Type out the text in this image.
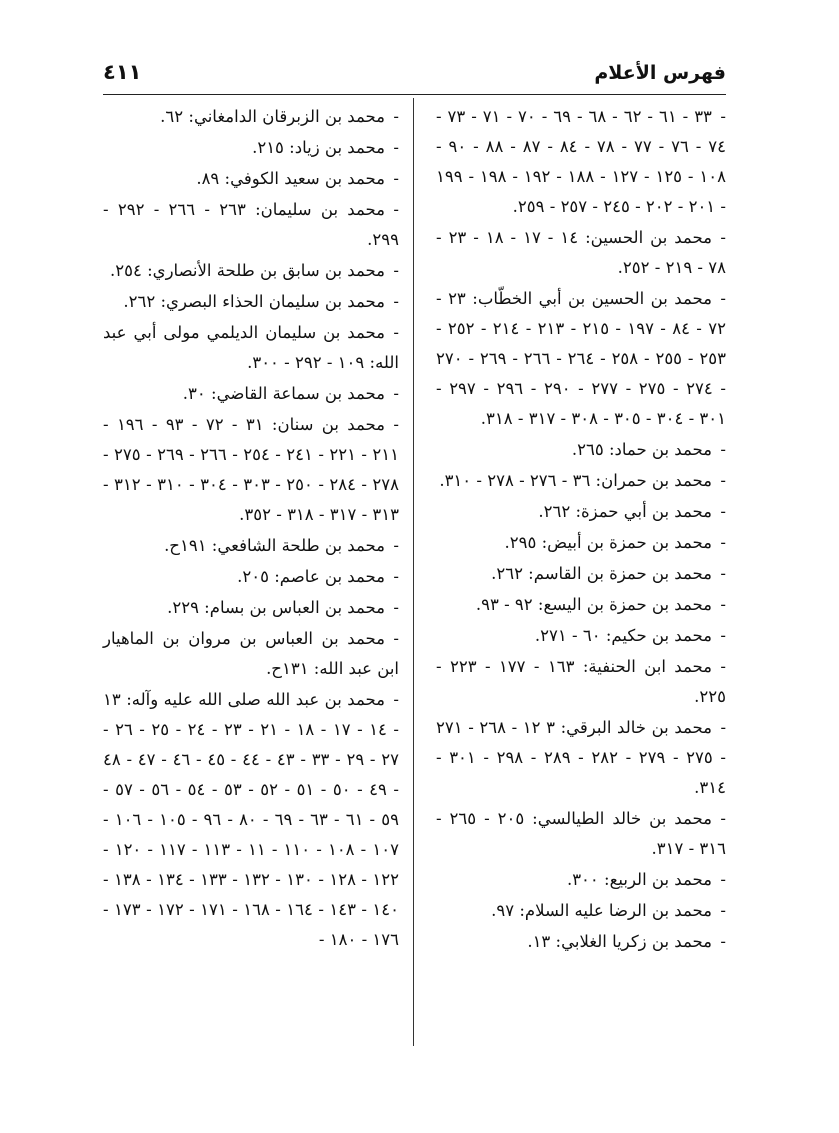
فهرس الأعلام
٤١١
-٣٣ - ٦١ - ٦٢ - ٦٨ - ٦٩ - ٧٠ - ٧١ - ٧٣ - ٧٤ - ٧٦ - ٧٧ - ٧٨ - ٨٤ - ٨٧ - ٨٨ - ٩٠ - ١٠٨ - ١٢٥ - ١٢٧ - ١٨٨ - ١٩٢ - ١٩٨ - ١٩٩ - ٢٠١ - ٢٠٢ - ٢٤٥ - ٢٥٧ - ٢٥٩.
-محمد بن الحسين: ١٤ - ١٧ - ١٨ - ٢٣ - ٧٨ - ٢١٩ - ٢٥٢.
-محمد بن الحسين بن أبي الخطّاب: ٢٣ - ٧٢ - ٨٤ - ١٩٧ - ٢١٥ - ٢١٣ - ٢١٤ - ٢٥٢ - ٢٥٣ - ٢٥٥ - ٢٥٨ - ٢٦٤ - ٢٦٦ - ٢٦٩ - ٢٧٠ - ٢٧٤ - ٢٧٥ - ٢٧٧ - ٢٩٠ - ٢٩٦ - ٢٩٧ - ٣٠١ - ٣٠٤ - ٣٠٥ - ٣٠٨ - ٣١٧ - ٣١٨.
-محمد بن حماد: ٢٦٥.
-محمد بن حمران: ٣٦ - ٢٧٦ - ٢٧٨ - ٣١٠.
-محمد بن أبي حمزة: ٢٦٢.
-محمد بن حمزة بن أبيض: ٢٩٥.
-محمد بن حمزة بن القاسم: ٢٦٢.
-محمد بن حمزة بن اليسع: ٩٢ - ٩٣.
-محمد بن حكيم: ٦٠ - ٢٧١.
-محمد ابن الحنفية: ١٦٣ - ١٧٧ - ٢٢٣ - ٢٢٥.
-محمد بن خالد البرقي: ٣ ١٢ - ٢٦٨ - ٢٧١ - ٢٧٥ - ٢٧٩ - ٢٨٢ - ٢٨٩ - ٢٩٨ - ٣٠١ - ٣١٤.
-محمد بن خالد الطيالسي: ٢٠٥ - ٢٦٥ - ٣١٦ - ٣١٧.
-محمد بن الربيع: ٣٠٠.
-محمد بن الرضا عليه السلام: ٩٧.
-محمد بن زكريا الغلابي: ١٣.
-محمد بن الزبرقان الدامغاني: ٦٢.
-محمد بن زياد: ٢١٥.
-محمد بن سعيد الكوفي: ٨٩.
-محمد بن سليمان: ٢٦٣ - ٢٦٦ - ٢٩٢ - ٢٩٩.
-محمد بن سابق بن طلحة الأنصاري: ٢٥٤.
-محمد بن سليمان الحذاء البصري: ٢٦٢.
-محمد بن سليمان الديلمي مولى أبي عبد الله: ١٠٩ - ٢٩٢ - ٣٠٠.
-محمد بن سماعة القاضي: ٣٠.
-محمد بن سنان: ٣١ - ٧٢ - ٩٣ - ١٩٦ - ٢١١ - ٢٢١ - ٢٤١ - ٢٥٤ - ٢٦٦ - ٢٦٩ - ٢٧٥ - ٢٧٨ - ٢٨٤ - ٢٥٠ - ٣٠٣ - ٣٠٤ - ٣١٠ - ٣١٢ - ٣١٣ - ٣١٧ - ٣١٨ - ٣٥٢.
-محمد بن طلحة الشافعي: ١٩١ح.
-محمد بن عاصم: ٢٠٥.
-محمد بن العباس بن بسام: ٢٢٩.
-محمد بن العباس بن مروان بن الماهيار ابن عبد الله: ١٣١ح.
-محمد بن عبد الله صلى الله عليه وآله: ١٣ - ١٤ - ١٧ - ١٨ - ٢١ - ٢٣ - ٢٤ - ٢٥ - ٢٦ - ٢٧ - ٢٩ - ٣٣ - ٤٣ - ٤٤ - ٤٥ - ٤٦ - ٤٧ - ٤٨ - ٤٩ - ٥٠ - ٥١ - ٥٢ - ٥٣ - ٥٤ - ٥٦ - ٥٧ - ٥٩ - ٦١ - ٦٣ - ٦٩ - ٨٠ - ٩٦ - ١٠٥ - ١٠٦ - ١٠٧ - ١٠٨ - ١١٠ - ١١ - ١١٣ - ١١٧ - ١٢٠ - ١٢٢ - ١٢٨ - ١٣٠ - ١٣٢ - ١٣٣ - ١٣٤ - ١٣٨ - ١٤٠ - ١٤٣ - ١٦٤ - ١٦٨ - ١٧١ - ١٧٢ - ١٧٣ - ١٧٦ - ١٨٠ -
